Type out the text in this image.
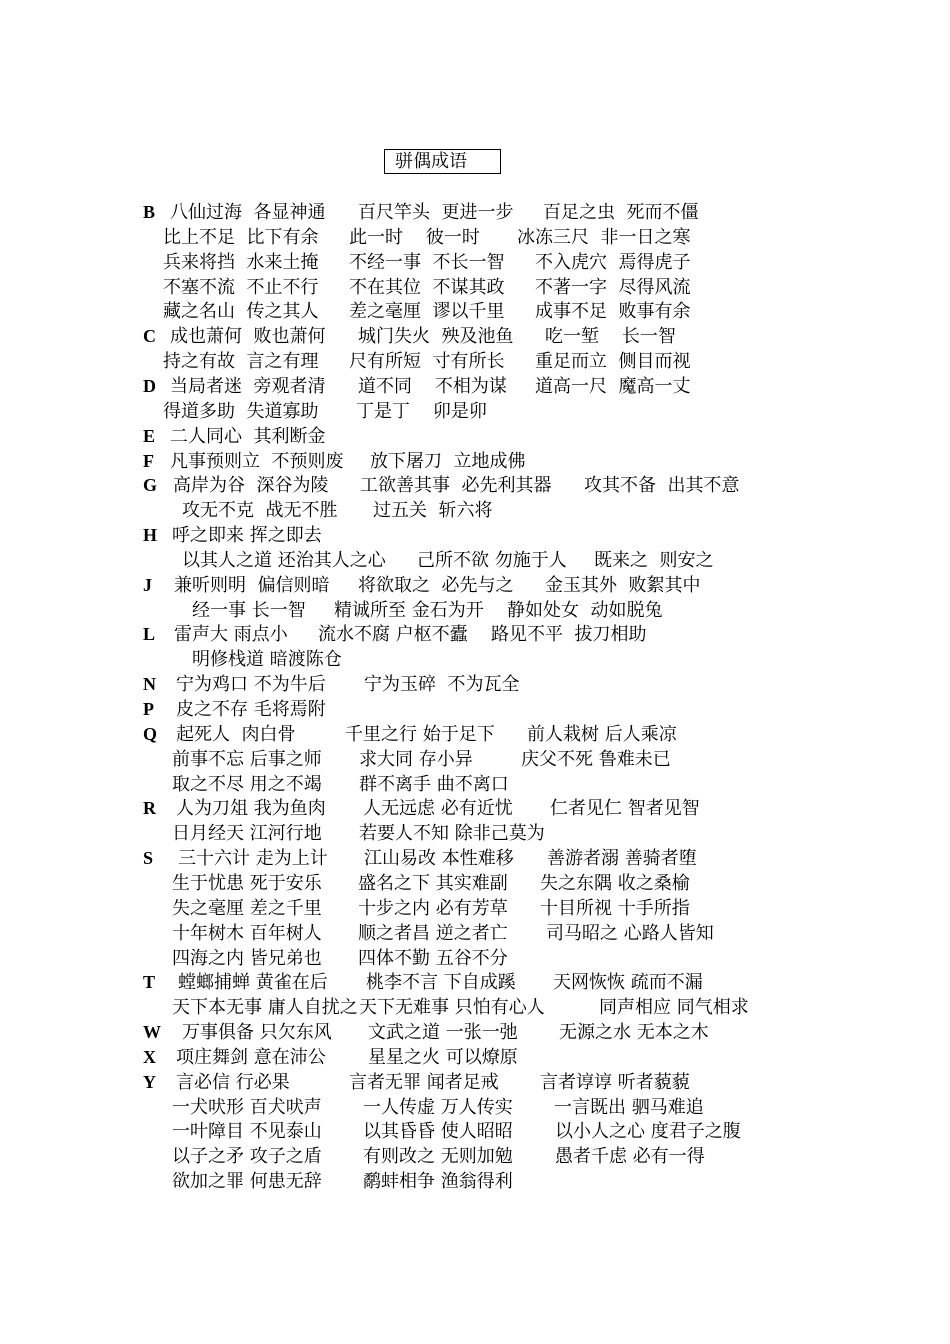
骈偶成语
B 八仙过海  各显神通 百尺竿头  更进一步 百足之虫  死而不僵
比上不足  比下有余 此一时    彼一时 冰冻三尺  非一日之寒
兵来将挡  水来土掩 不经一事  不长一智 不入虎穴  焉得虎子
不塞不流  不止不行 不在其位  不谋其政 不著一字  尽得风流
藏之名山  传之其人 差之毫厘  谬以千里 成事不足  败事有余
C 成也萧何  败也萧何 城门失火  殃及池鱼 吃一堑    长一智
持之有故  言之有理 尺有所短  寸有所长 重足而立  侧目而视
D 当局者迷  旁观者清 道不同    不相为谋 道高一尺  魔高一丈
得道多助  失道寡助 丁是丁    卯是卯
E 二人同心  其利断金
F 凡事预则立  不预则废 放下屠刀  立地成佛
G 高岸为谷  深谷为陵 工欲善其事  必先利其器 攻其不备  出其不意
攻无不克  战无不胜 过五关  斩六将
H 呼之即来 挥之即去
以其人之道 还治其人之心 己所不欲 勿施于人 既来之  则安之
J 兼听则明  偏信则暗 将欲取之  必先与之 金玉其外  败絮其中
经一事 长一智 精诚所至 金石为开 静如处女  动如脱兔
L 雷声大 雨点小 流水不腐 户枢不蠹 路见不平  拔刀相助
明修栈道 暗渡陈仓
N 宁为鸡口 不为牛后 宁为玉碎  不为瓦全
P 皮之不存 毛将焉附
Q 起死人  肉白骨	千里之行 始于足下 前人栽树 后人乘凉
前事不忘 后事之师 求大同 存小异	庆父不死 鲁难未已
取之不尽 用之不竭 群不离手 曲不离口
R 人为刀俎 我为鱼肉 人无远虑 必有近忧 仁者见仁 智者见智
日月经天 江河行地 若要人不知 除非己莫为
S 三十六计 走为上计 江山易改 本性难移 善游者溺 善骑者堕
生于忧患 死于安乐 盛名之下 其实难副 失之东隅 收之桑榆
失之毫厘 差之千里 十步之内 必有芳草 十目所视 十手所指
十年树木 百年树人 顺之者昌 逆之者亡 司马昭之 心路人皆知
四海之内 皆兄弟也 四体不勤 五谷不分
T 螳螂捕蝉 黄雀在后 桃李不言 下自成蹊 天网恢恢 疏而不漏
天下本无事 庸人自扰之 天下无难事 只怕有心人	同声相应 同气相求
W 万事俱备 只欠东风 文武之道 一张一弛 无源之水 无本之木
X 项庄舞剑 意在沛公 星星之火 可以燎原
Y 言必信 行必果	言者无罪 闻者足戒 言者谆谆 听者藐藐
一犬吠形 百犬吠声 一人传虚 万人传实 一言既出 驷马难追
一叶障目 不见泰山 以其昏昏 使人昭昭 以小人之心 度君子之腹
以子之矛 攻子之盾 有则改之 无则加勉 愚者千虑 必有一得
欲加之罪 何患无辞 鹬蚌相争 渔翁得利
